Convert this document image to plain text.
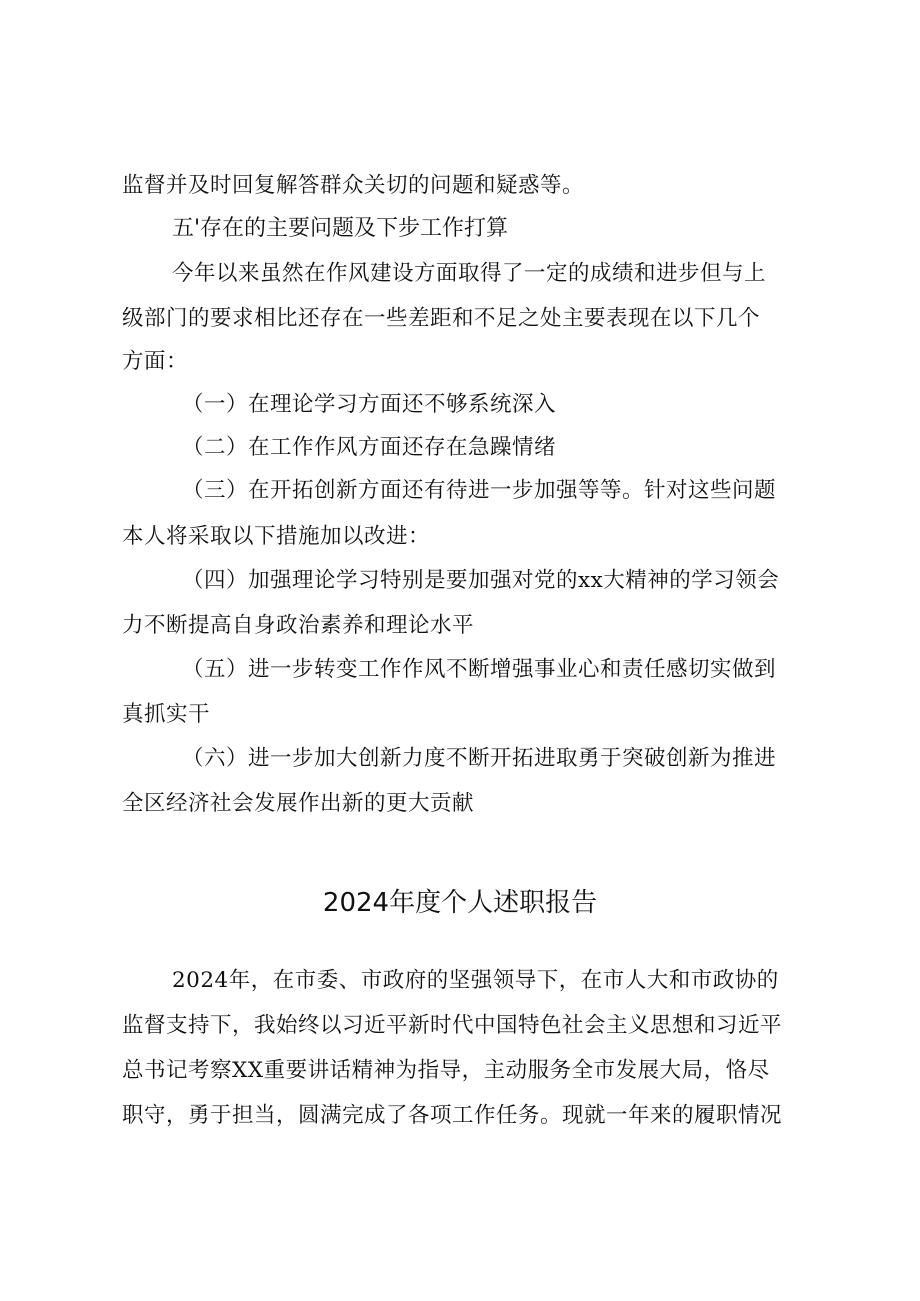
监督并及时回复解答群众关切的问题和疑惑等。
五'存在的主要问题及下步工作打算
今年以来虽然在作风建设方面取得了一定的成绩和进步但与上
级部门的要求相比还存在一些差距和不足之处主要表现在以下几个
方面：
（一）在理论学习方面还不够系统深入
（二）在工作作风方面还存在急躁情绪
（三）在开拓创新方面还有待进一步加强等等。针对这些问题
本人将采取以下措施加以改进：
（四）加强理论学习特别是要加强对党的xx大精神的学习领会
力不断提高自身政治素养和理论水平
（五）进一步转变工作作风不断增强事业心和责任感切实做到
真抓实干
（六）进一步加大创新力度不断开拓进取勇于突破创新为推进
全区经济社会发展作出新的更大贡献
2024年度个人述职报告
2024年，在市委、市政府的坚强领导下，在市人大和市政协的
监督支持下，我始终以习近平新时代中国特色社会主义思想和习近平
总书记考察XX重要讲话精神为指导，主动服务全市发展大局，恪尽
职守，勇于担当，圆满完成了各项工作任务。现就一年来的履职情况
